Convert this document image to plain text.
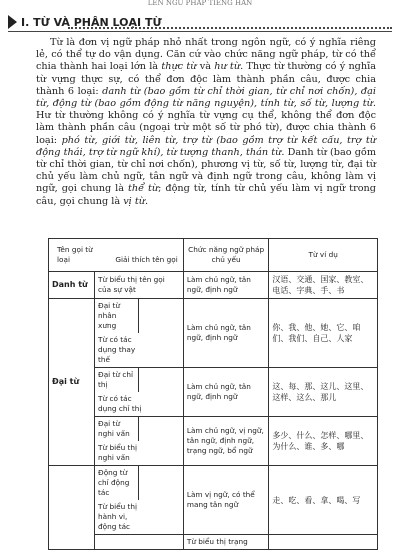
LÊN NGỮ PHÁP TIẾNG HÁN
I. TỪ VÀ PHÂN LOẠI TỪ

Từ là đơn vị ngữ pháp nhỏ nhất trong ngôn ngữ, có ý nghĩa riêng lẻ, có thể tự do vận dụng. Căn cứ vào chức năng ngữ pháp, từ có thể chia thành hai loại lớn là thực từ và hư từ. Thực từ thường có ý nghĩa từ vựng thực sự, có thể đơn độc làm thành phần câu, được chia thành 6 loại: danh từ (bao gồm từ chỉ thời gian, từ chỉ nơi chốn), đại từ, động từ (bao gồm động từ năng nguyện), tính từ, số từ, lượng từ. Hư từ thường không có ý nghĩa từ vựng cụ thể, không thể đơn độc làm thành phần câu (ngoại trừ một số từ phó từ), được chia thành 6 loại: phó từ, giới từ, liên từ, trợ từ (bao gồm trợ từ kết cấu, trợ từ động thái, trợ từ ngữ khí), từ tượng thanh, thán từ. Danh từ (bao gồm từ chỉ thời gian, từ chỉ nơi chốn), phương vị từ, số từ, lượng từ, đại từ chủ yếu làm chủ ngữ, tân ngữ và định ngữ trong câu, không làm vị ngữ, gọi chung là thể từ; động từ, tính từ chủ yếu làm vị ngữ trong câu, gọi chung là vị từ.

Tên gọi từ loại Giải thích tên gọi		Chức năng ngữ pháp chủ yếu	Từ ví dụ
Danh từ	Từ biểu thị tên gọi của sự vật	Làm chủ ngữ, tân ngữ, định ngữ	汉语、交通、国家、教室、电话、字典、手、书
Đại từ	Đại từ nhân xưng Từ có tác dụng thay thế	Làm chủ ngữ, tân ngữ, định ngữ	你、我、他、她、它、咱们、我们、自己、人家
	Đại từ chỉ thị Từ có tác dụng chỉ thị	Làm chủ ngữ, tân ngữ, định ngữ	这、每、那、这儿、这里、这样、这么、那儿
	Đại từ nghi vấn Từ biểu thị nghi vấn	Làm chủ ngữ, vị ngữ, tân ngữ, định ngữ, trạng ngữ, bổ ngữ	多少、什么、怎样、哪里、为什么、谁、多、哪
	Động từ chỉ động tác Từ biểu thị hành vi, động tác	Làm vị ngữ, có thể mang tân ngữ	走、吃、看、拿、喝、写
		Từ biểu thị trạng	
